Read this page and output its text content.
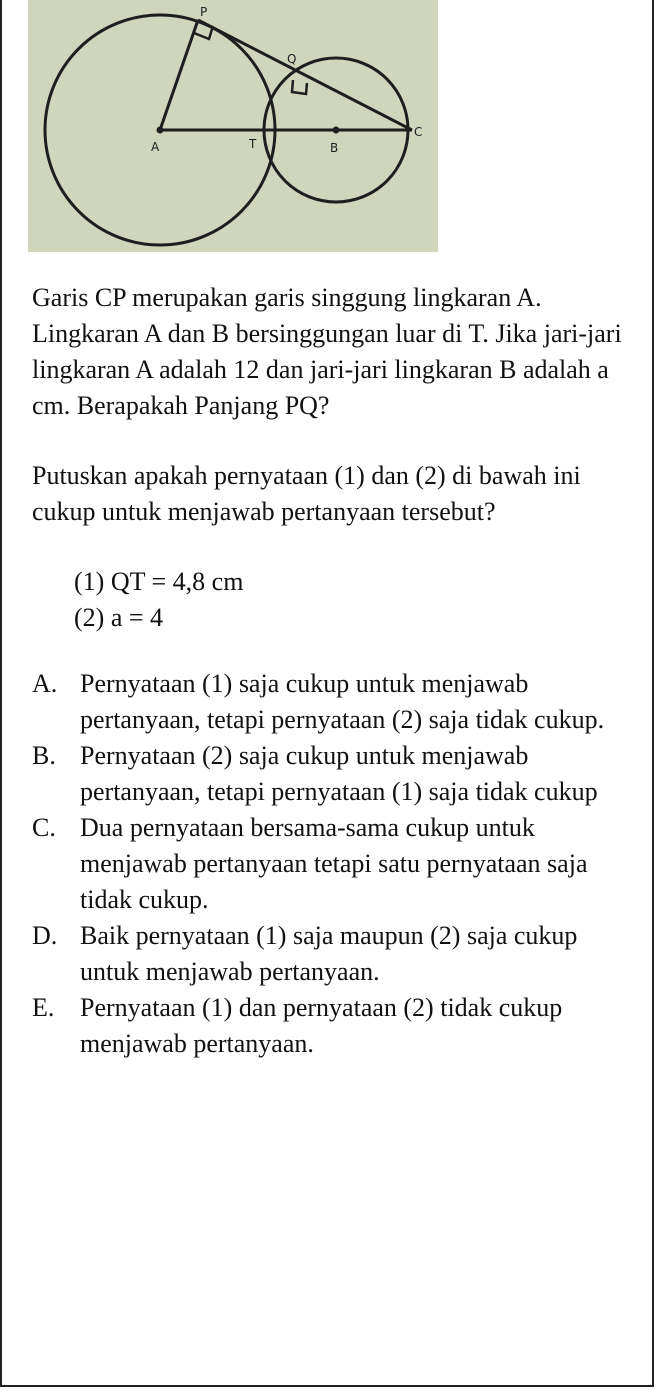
P
Q
A	T	B
C

Garis CP merupakan garis singgung lingkaran A. Lingkaran A dan B bersinggungan luar di T. Jika jari-jari lingkaran A adalah 12 dan jari-jari lingkaran B adalah a cm. Berapakah Panjang PQ?

Putuskan apakah pernyataan (1) dan (2) di bawah ini cukup untuk menjawab pertanyaan tersebut?

(1) QT = 4,8 cm

(2) a = 4

A. Pernyataan (1) saja cukup untuk menjawab pertanyaan, tetapi pernyataan (2) saja tidak cukup.
B. Pernyataan (2) saja cukup untuk menjawab pertanyaan, tetapi pernyataan (1) saja tidak cukup
C. Dua pernyataan bersama-sama cukup untuk menjawab pertanyaan tetapi satu pernyataan saja tidak cukup.
D. Baik pernyataan (1) saja maupun (2) saja cukup untuk menjawab pertanyaan.
E. Pernyataan (1) dan pernyataan (2) tidak cukup menjawab pertanyaan.
